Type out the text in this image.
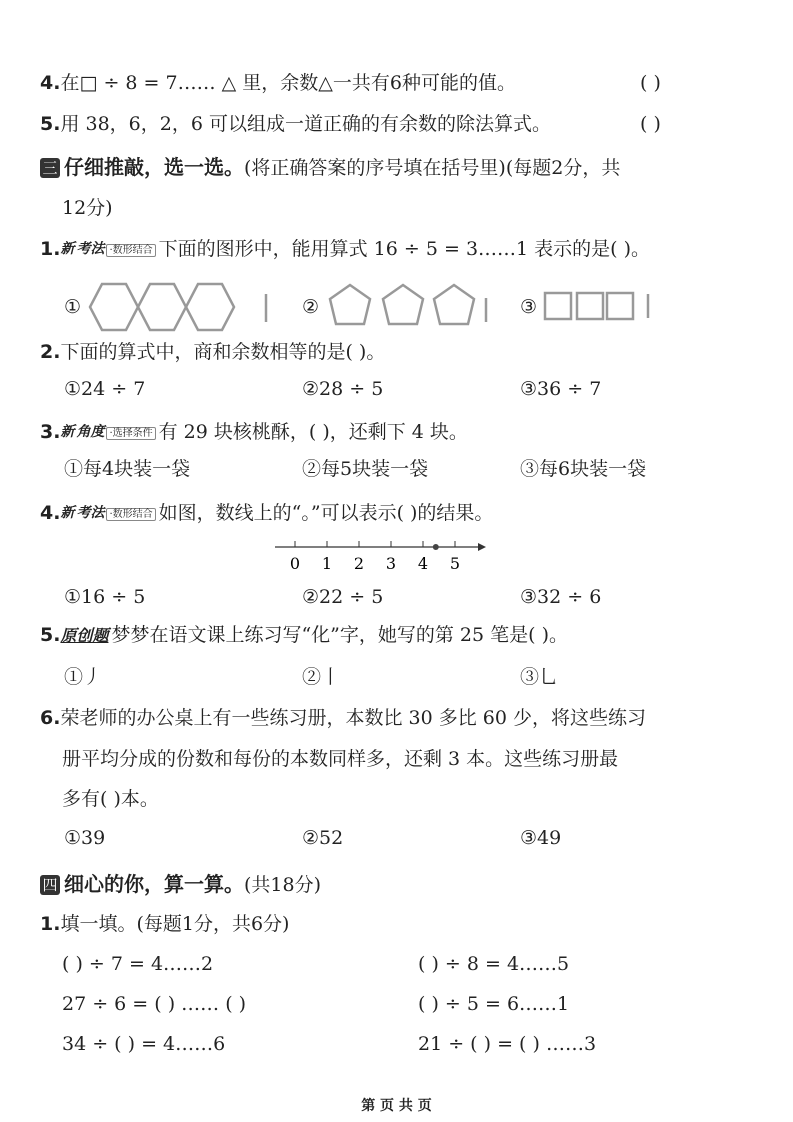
4.在□ ÷ 8 = 7…… △ 里，余数△一共有6种可能的值。	( )
5.用 38，6，2，6 可以组成一道正确的有余数的除法算式。	( )
三 仔细推敲，选一选。(将正确答案的序号填在括号里)(每题2分，共
12分)
1.新 考法 ·数形结合 下面的图形中，能用算式 16 ÷ 5 = 3……1 表示的是( )。
①	②	③
2.下面的算式中，商和余数相等的是( )。
①24 ÷ 7	②28 ÷ 5	③36 ÷ 7
3.新 角度 ·选择条件 有 29 块核桃酥，( )，还剩下 4 块。
①每4块装一袋	②每5块装一袋	③每6块装一袋
4.新 考法 ·数形结合 如图，数线上的“。”可以表示( )的结果。
0 1 2 3 4 5
①16 ÷ 5	②22 ÷ 5	③32 ÷ 6
5.原创题 梦梦在语文课上练习写“化”字，她写的第 25 笔是( )。
①丿	②丨	③乚
6.荣老师的办公桌上有一些练习册，本数比 30 多比 60 少，将这些练习
册平均分成的份数和每份的本数同样多，还剩 3 本。这些练习册最
多有( )本。
①39	②52	③49
四 细心的你，算一算。(共18分)
1.填一填。(每题1分，共6分)
( ) ÷ 7 = 4……2	( ) ÷ 8 = 4……5
27 ÷ 6 = ( ) …… ( )	( ) ÷ 5 = 6……1
34 ÷ ( ) = 4……6	21 ÷ ( ) = ( ) ……3
第 页 共 页
